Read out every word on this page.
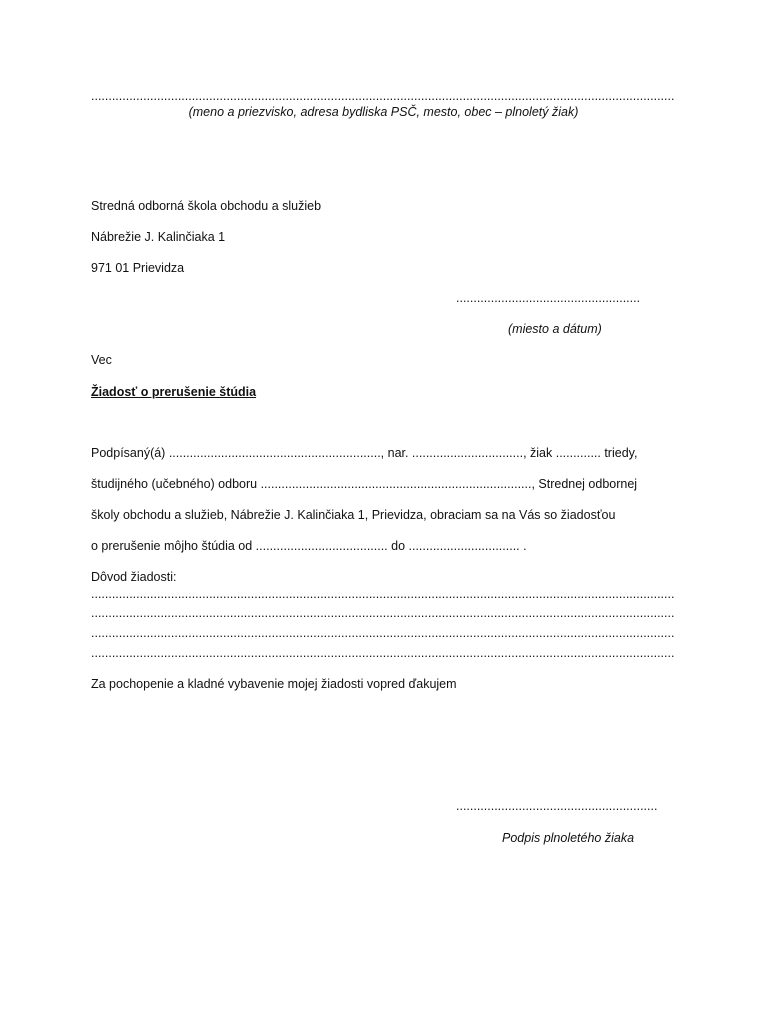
........................................................................................................................................................................
(meno a priezvisko, adresa bydliska PSČ, mesto, obec – plnoletý žiak)
Stredná odborná škola obchodu a služieb
Nábrežie J. Kalinčiaka 1
971 01 Prievidza
.....................................................
(miesto a dátum)
Vec
Žiadosť o prerušenie štúdia
Podpísaný(á) ............................................................., nar. ................................, žiak ............. triedy,
študijného (učebného) odboru .............................................................................., Strednej odbornej
školy obchodu a služieb, Nábrežie J. Kalinčiaka 1, Prievidza, obraciam sa na Vás so žiadosťou
o prerušenie môjho štúdia od ...................................... do ................................ .
Dôvod žiadosti:
........................................................................................................................................................................
........................................................................................................................................................................
........................................................................................................................................................................
........................................................................................................................................................................
Za pochopenie a kladné vybavenie mojej žiadosti vopred ďakujem
..........................................................
Podpis plnoletého žiaka
